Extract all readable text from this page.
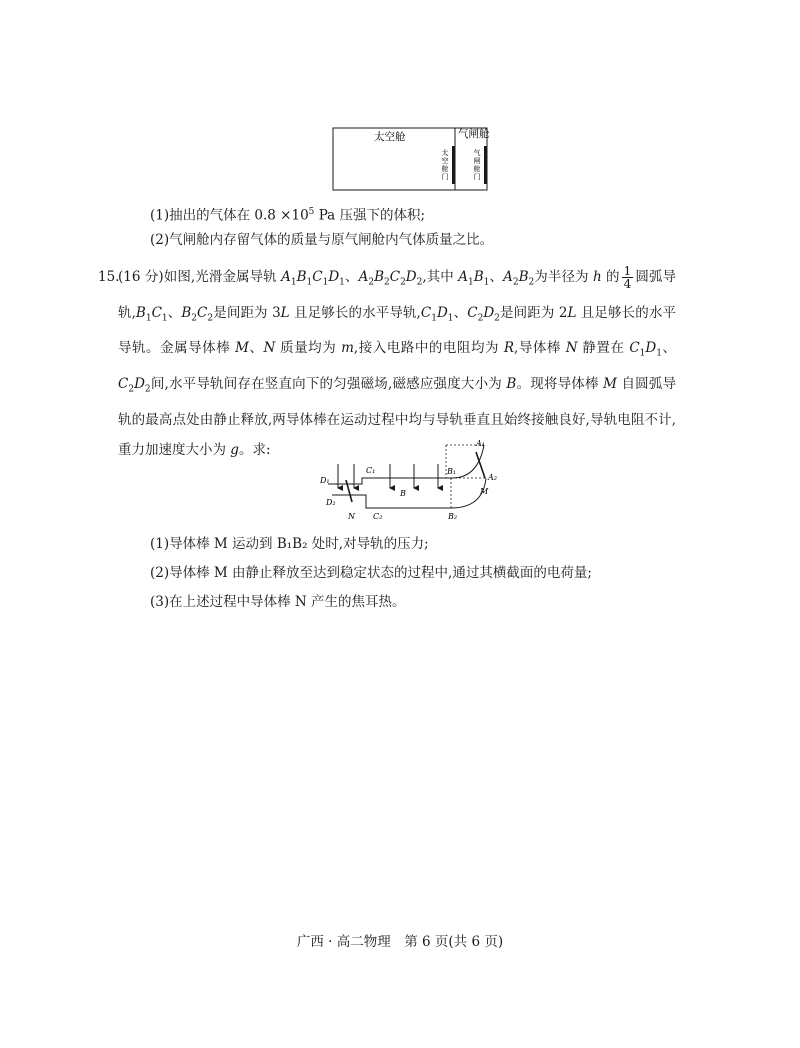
太空舱	气闸舱
太空舱门	气闸舱门
(1)抽出的气体在 $0.8 \times 10^5$ Pa 压强下的体积;
(2)气闸舱内存留气体的质量与原气闸舱内气体质量之比。
15.
(16 分)如图,光滑金属导轨 $A_1B_1C_1D_1$、$A_2B_2C_2D_2$,其中 $A_1B_1$、$A_2B_2$为半径为 h 的 $\frac{1}{4}$ 圆弧导轨$,B_1C_1$、$B_2C_2$是间距为 3L 且足够长的水平导轨$,C_1D_1$、$C_2D_2$是间距为 2L 且足够长的水平导轨。金属导体棒 M、N 质量均为 m,接入电路中的电阻均为 R,导体棒 N 静置在 $C_1D_1$、$C_2D_2$间,水平导轨间存在竖直向下的匀强磁场,磁感应强度大小为 B。现将导体棒 M 自圆弧导轨的最高点处由静止释放,两导体棒在运动过程中均与导轨垂直且始终接触良好,导轨电阻不计,重力加速度大小为 g。求:	A₁
A₂
B₁
B₂
C₁
C₂
D₁
D₂
B	M
N
(1)导体棒 M 运动到 B₁B₂ 处时,对导轨的压力;
(2)导体棒 M 由静止释放至达到稳定状态的过程中,通过其横截面的电荷量;
(3)在上述过程中导体棒 N 产生的焦耳热。
广西 · 高二物理　第 6 页(共 6 页)
